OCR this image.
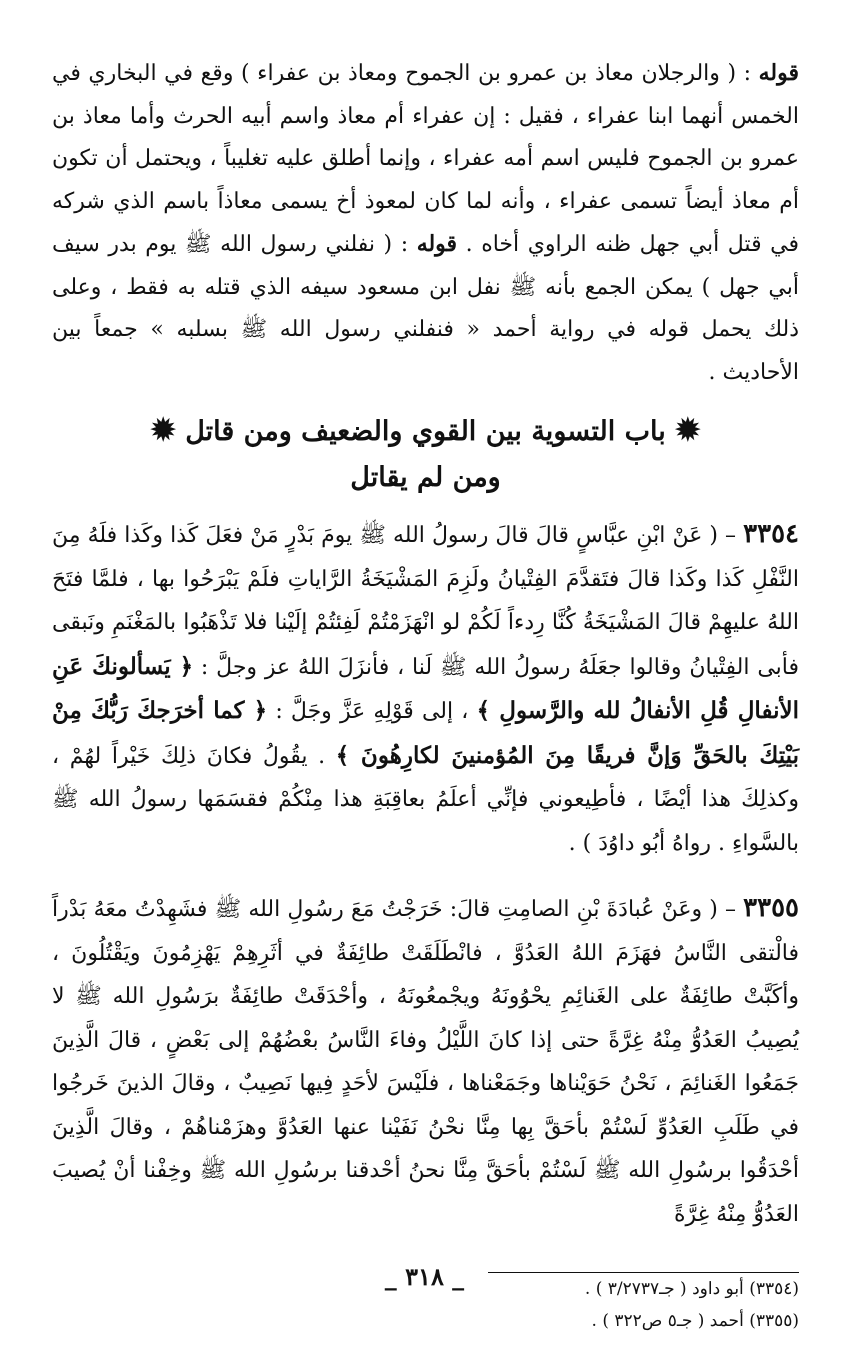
قوله : ( والرجلان معاذ بن عمرو بن الجموح ومعاذ بن عفراء ) وقع في البخاري في الخمس أنهما ابنا عفراء ، فقيل : إن عفراء أم معاذ واسم أبيه الحرث وأما معاذ بن عمرو بن الجموح فليس اسم أمه عفراء ، وإنما أطلق عليه تغليباً ، ويحتمل أن تكون أم معاذ أيضاً تسمى عفراء ، وأنه لما كان لمعوذ أخ يسمى معاذاً باسم الذي شركه في قتل أبي جهل ظنه الراوي أخاه . قوله : ( نفلني رسول الله ﷺ يوم بدر سيف أبي جهل ) يمكن الجمع بأنه ﷺ نفل ابن مسعود سيفه الذي قتله به فقط ، وعلى ذلك يحمل قوله في رواية أحمد « فنفلني رسول الله ﷺ بسلبه » جمعاً بين الأحاديث .

✹ باب التسوية بين القوي والضعيف ومن قاتل ✹
ومن لم يقاتل

٣٣٥٤ – ( عَنْ ابْنِ عبَّاسٍ قالَ قالَ رسولُ الله ﷺ يومَ بَدْرٍ مَنْ فعَلَ كَذا وكَذا فلَهُ مِنَ النَّفْلِ كَذا وكَذا قالَ فتَقدَّمَ الفِتْيانُ ولَزِمَ المَشْيَخَةُ الرَّاياتِ فلَمْ يَبْرَحُوا بها ، فلمَّا فتَحَ اللهُ عليهِمْ قالَ المَشْيَخَةُ كُنَّا رِدءاً لَكُمْ لو انْهَزَمْتُمْ لَفِئتُمْ إلَيْنا فلا تَذْهَبُوا بالمَغْنَمِ ونَبقى فأبى الفِتْيانُ وقالوا جعَلَهُ رسولُ الله ﷺ لَنا ، فأنزَلَ اللهُ عز وجلَّ : ﴿ يَسألونكَ عَنِ الأنفالِ قُلِ الأنفالُ لله والرَّسولِ ﴾ ، إلى قَوْلِهِ عَزَّ وجَلَّ : ﴿ كما أخرَجكَ رَبُّكَ مِنْ بَيْتِكَ بالحَقِّ وَإنَّ فريقًا مِنَ المُؤمنينَ لكارِهُونَ ﴾ . يقُولُ فكانَ ذلِكَ خَيْراً لهُمْ ، وكذلِكَ هذا أيْضًا ، فأطِيعوني فإنِّي أعلَمُ بعاقِبَةِ هذا مِنْكُمْ فقسَمَها رسولُ الله ﷺ بالسَّواءِ . رواهُ أبُو داوُدَ ) .

٣٣٥٥ – ( وعَنْ عُبادَةَ بْنِ الصامِتِ قالَ: خَرَجْتُ مَعَ رسُولِ الله ﷺ فشَهِدْتُ معَهُ بَدْراً فالْتقى النَّاسُ فهَزَمَ اللهُ العَدُوَّ ، فانْطَلَقَتْ طائِفَةٌ في أثَرِهِمْ يَهْزِمُونَ ويَقْتُلُونَ ، وأكَبَّتْ طائِفَةٌ على الغَنائِمِ يحْوُونَهُ ويجْمعُونَهُ ، وأحْدَقَتْ طائِفَةٌ برَسُولِ الله ﷺ لا يُصِيبُ العَدُوُّ مِنْهُ غِرَّةً حتى إذا كانَ اللَّيْلُ وفاءَ النَّاسُ بعْضُهُمْ إلى بَعْضٍ ، قالَ الَّذِينَ جَمَعُوا الغَنائِمَ ، نَحْنُ حَوَيْناها وجَمَعْناها ، فلَيْسَ لأحَدٍ فِيها نَصِيبٌ ، وقالَ الذينَ خَرجُوا في طَلَبِ العَدُوِّ لَسْتُمْ بأحَقَّ بِها مِنَّا نحْنُ نَفَيْنا عنها العَدُوَّ وهزَمْناهُمْ ، وقالَ الَّذِينَ أحْدَقُوا برسُولِ الله ﷺ لَسْتُمْ بأحَقَّ مِنَّا نحنُ أحْدقنا برسُولِ الله ﷺ وخِفْنا أنْ يُصيبَ العَدُوُّ مِنْهُ غِرَّةً

(٣٣٥٤) أبو داود ( جـ٣/٢٧٣٧ ) .

(٣٣٥٥) أحمد ( جـ٥ ص٣٢٢ ) .

_ ٣١٨ _
